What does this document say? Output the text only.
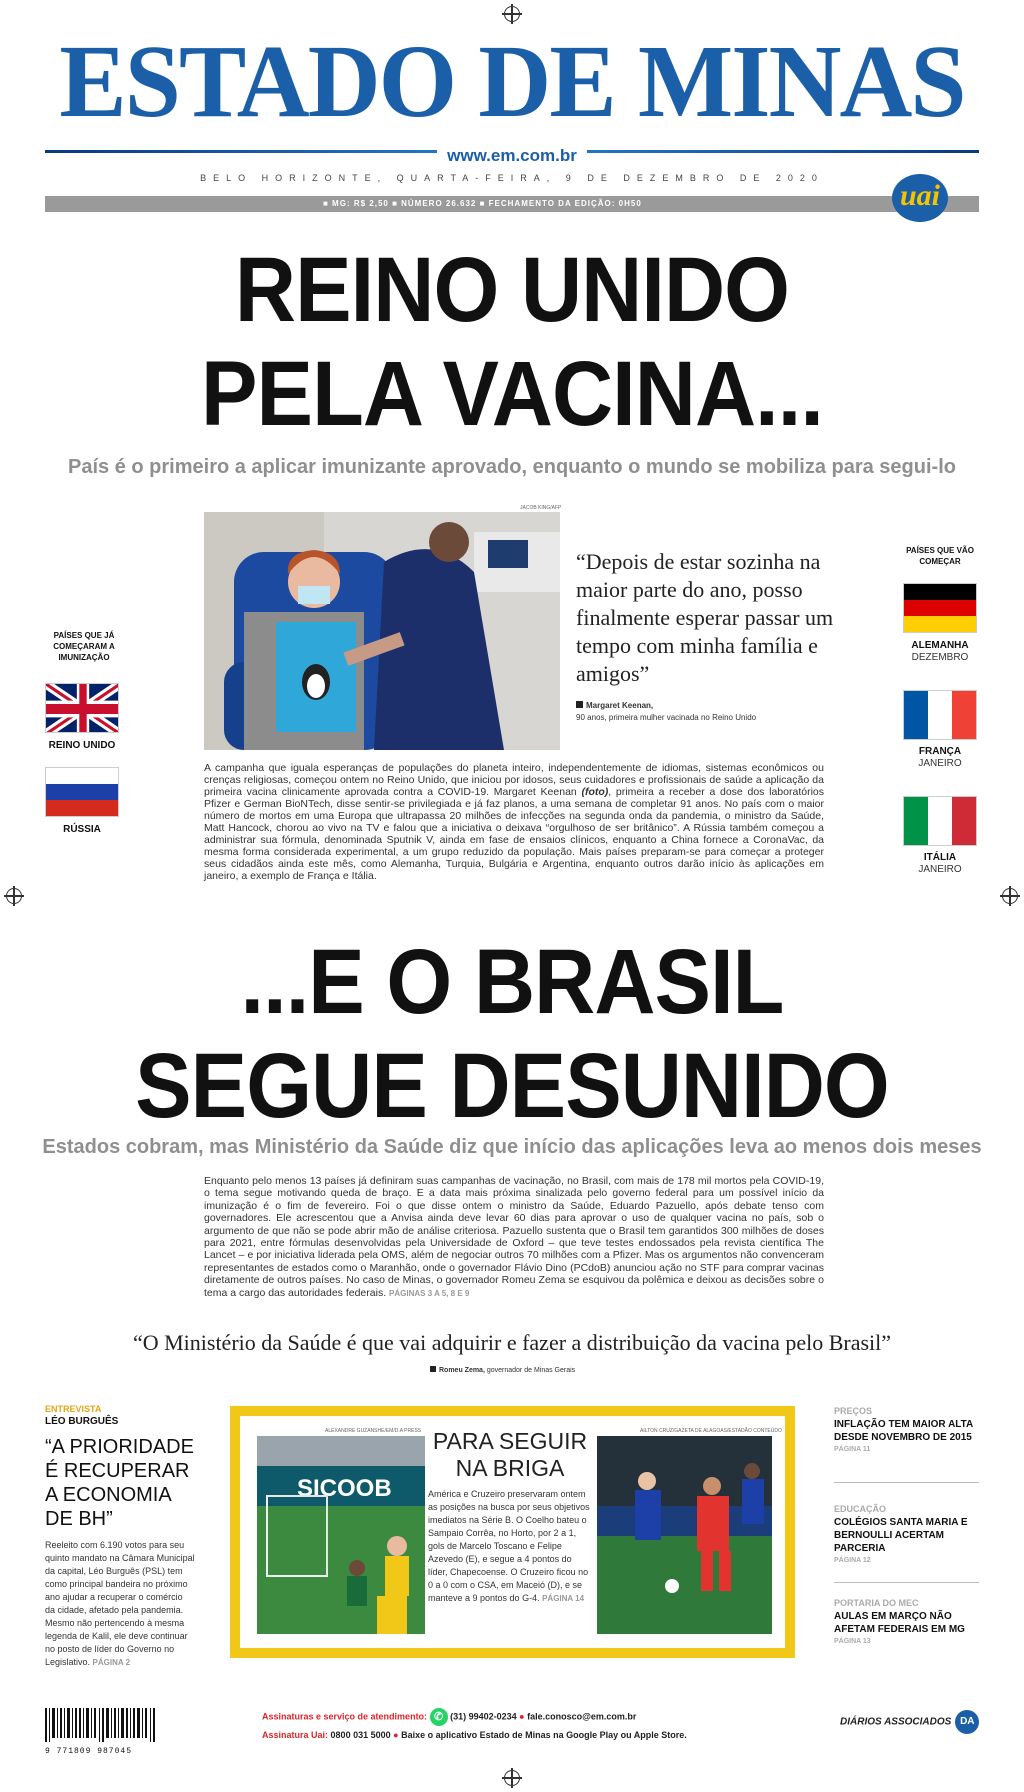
ESTADO DE MINAS
www.em.com.br
BELO HORIZONTE, QUARTA-FEIRA, 9 DE DEZEMBRO DE 2020
■ MG: R$ 2,50 ■ NÚMERO 26.632 ■ FECHAMENTO DA EDIÇÃO: 0H50	uai
REINO UNIDO
PELA VACINA...
País é o primeiro a aplicar imunizante aprovado, enquanto o mundo se mobiliza para segui-lo
PAÍSES QUE JÁ COMEÇARAM A IMUNIZAÇÃO
REINO UNIDO
RÚSSIA
JACOB KING/AFP
“Depois de estar sozinha na maior parte do ano, posso finalmente esperar passar um tempo com minha família e amigos”
Margaret Keenan,
90 anos, primeira mulher vacinada no Reino Unido
PAÍSES QUE VÃO COMEÇAR
ALEMANHA
DEZEMBRO
FRANÇA
JANEIRO
ITÁLIA
JANEIRO
A campanha que iguala esperanças de populações do planeta inteiro, independentemente de idiomas, sistemas econômicos ou crenças religiosas, começou ontem no Reino Unido, que iniciou por idosos, seus cuidadores e profissionais de saúde a aplicação da primeira vacina clinicamente aprovada contra a COVID-19. Margaret Keenan (foto), primeira a receber a dose dos laboratórios Pfizer e German BioNTech, disse sentir-se privilegiada e já faz planos, a uma semana de completar 91 anos. No país com o maior número de mortos em uma Europa que ultrapassa 20 milhões de infecções na segunda onda da pandemia, o ministro da Saúde, Matt Hancock, chorou ao vivo na TV e falou que a iniciativa o deixava “orgulhoso de ser britânico”. A Rússia também começou a administrar sua fórmula, denominada Sputnik V, ainda em fase de ensaios clínicos, enquanto a China fornece a CoronaVac, da mesma forma considerada experimental, a um grupo reduzido da população. Mais países preparam-se para começar a proteger seus cidadãos ainda este mês, como Alemanha, Turquia, Bulgária e Argentina, enquanto outros darão início às aplicações em janeiro, a exemplo de França e Itália.
...E O BRASIL
SEGUE DESUNIDO
Estados cobram, mas Ministério da Saúde diz que início das aplicações leva ao menos dois meses
Enquanto pelo menos 13 países já definiram suas campanhas de vacinação, no Brasil, com mais de 178 mil mortos pela COVID-19, o tema segue motivando queda de braço. E a data mais próxima sinalizada pelo governo federal para um possível início da imunização é o fim de fevereiro. Foi o que disse ontem o ministro da Saúde, Eduardo Pazuello, após debate tenso com governadores. Ele acrescentou que a Anvisa ainda deve levar 60 dias para aprovar o uso de qualquer vacina no país, sob o argumento de que não se pode abrir mão de análise criteriosa. Pazuello sustenta que o Brasil tem garantidos 300 milhões de doses para 2021, entre fórmulas desenvolvidas pela Universidade de Oxford – que teve testes endossados pela revista científica The Lancet – e por iniciativa liderada pela OMS, além de negociar outros 70 milhões com a Pfizer. Mas os argumentos não convenceram representantes de estados como o Maranhão, onde o governador Flávio Dino (PCdoB) anunciou ação no STF para comprar vacinas diretamente de outros países. No caso de Minas, o governador Romeu Zema se esquivou da polêmica e deixou as decisões sobre o tema a cargo das autoridades federais. PÁGINAS 3 A 5, 8 E 9
“O Ministério da Saúde é que vai adquirir e fazer a distribuição da vacina pelo Brasil”
Romeu Zema, governador de Minas Gerais
ENTREVISTA
LÉO BURGUÊS
“A PRIORIDADE É RECUPERAR A ECONOMIA DE BH”
Reeleito com 6.190 votos para seu quinto mandato na Câmara Municipal da capital, Léo Burguês (PSL) tem como principal bandeira no próximo ano ajudar a recuperar o comércio da cidade, afetado pela pandemia. Mesmo não pertencendo à mesma legenda de Kalil, ele deve continuar no posto de líder do Governo no Legislativo. PÁGINA 2
ALEXANDRE GUZANSHE/EM/D.A PRESS
SICOOB
PARA SEGUIR NA BRIGA
América e Cruzeiro preservaram ontem as posições na busca por seus objetivos imediatos na Série B. O Coelho bateu o Sampaio Corrêa, no Horto, por 2 a 1, gols de Marcelo Toscano e Felipe Azevedo (E), e segue a 4 pontos do líder, Chapecoense. O Cruzeiro ficou no 0 a 0 com o CSA, em Maceió (D), e se manteve a 9 pontos do G-4. PÁGINA 14
AILTON CRUZ/GAZETA DE ALAGOAS/ESTADÃO CONTEÚDO
PREÇOS
INFLAÇÃO TEM MAIOR ALTA DESDE NOVEMBRO DE 2015
PÁGINA 11
EDUCAÇÃO
COLÉGIOS SANTA MARIA E BERNOULLI ACERTAM PARCERIA
PÁGINA 12
PORTARIA DO MEC
AULAS EM MARÇO NÃO AFETAM FEDERAIS EM MG
PÁGINA 13
9 771809 987045
Assinaturas e serviço de atendimento: ✆ (31) 99402-0234 ● fale.conosco@em.com.br
Assinatura Uai: 0800 031 5000 ● Baixe o aplicativo Estado de Minas na Google Play ou Apple Store.
DIÁRIOS ASSOCIADOS DA
